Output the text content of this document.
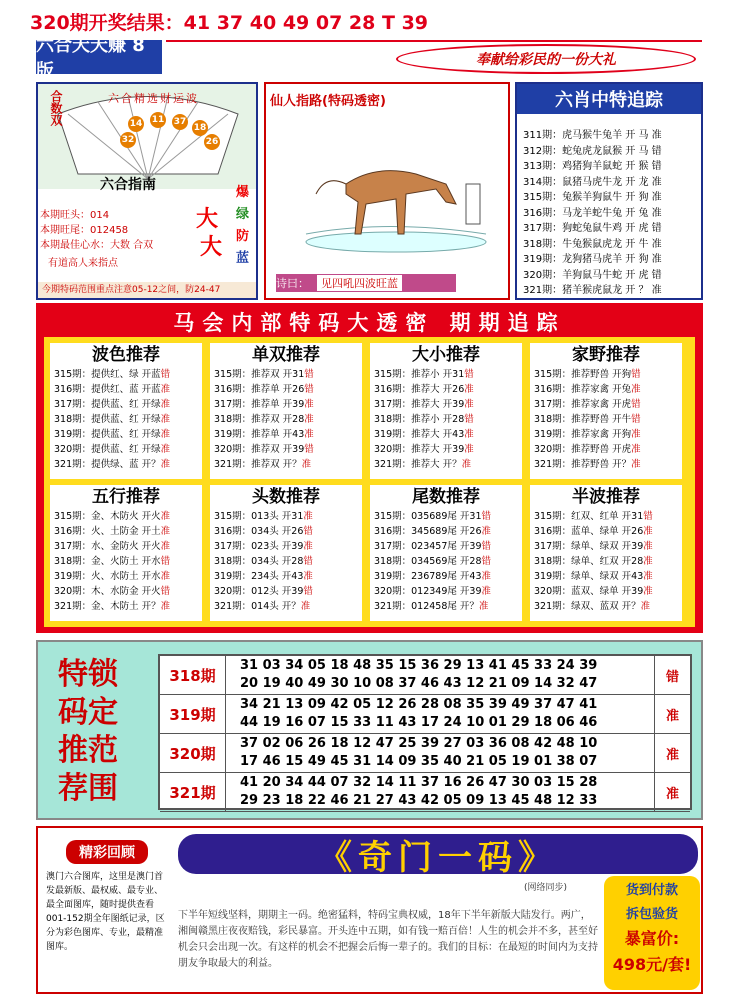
320期开奖结果：41 37 40 49 07 28 T 39
六合天天赚 8版
奉献给彩民的一份大礼
合数双	六合精选财运波
14 11 37
18
32	26
六合指南
本期旺头：014
本期旺尾：012458
本期最佳心水：大数 合双
有道高人来指点
大
大
爆
绿
防
蓝
今期特码范围重点注意05-12之间，防24-47
仙人指路(特码透密)
诗曰：	见四吼四波旺蓝
六肖中特追踪
311期：虎马猴牛兔羊 开 马 准
312期：蛇兔虎龙鼠猴 开 马 错
313期：鸡猪狗羊鼠蛇 开 猴 错
314期：鼠猪马虎牛龙 开 龙 准
315期：兔猴羊狗鼠牛 开 狗 准
316期：马龙羊蛇牛兔 开 兔 准
317期：狗蛇兔鼠牛鸡 开 虎 错
318期：牛兔猴鼠虎龙 开 牛 准
319期：龙狗猪马虎羊 开 狗 准
320期：羊狗鼠马牛蛇 开 虎 错
321期：猪羊猴虎鼠龙 开 ？ 准
马会内部特码大透密 期期追踪
波色推荐
315期：提供红、绿 开蓝错
316期：提供红、蓝 开蓝准
317期：提供蓝、红 开绿准
318期：提供蓝、红 开绿准
319期：提供蓝、红 开绿准
320期：提供蓝、红 开绿准
321期：提供绿、蓝 开？准
单双推荐
315期：推荐双 开31错
316期：推荐单 开26错
317期：推荐单 开39准
318期：推荐双 开28准
319期：推荐单 开43准
320期：推荐双 开39错
321期：推荐双 开？准
大小推荐
315期：推荐小 开31错
316期：推荐大 开26准
317期：推荐大 开39准
318期：推荐小 开28错
319期：推荐大 开43准
320期：推荐大 开39准
321期：推荐大 开？准
家野推荐
315期：推荐野兽 开狗错
316期：推荐家禽 开兔准
317期：推荐家禽 开虎错
318期：推荐野兽 开牛错
319期：推荐家禽 开狗准
320期：推荐野兽 开虎准
321期：推荐野兽 开？准
五行推荐
315期：金、木防火 开火准
316期：火、土防金 开土准
317期：水、金防火 开火准
318期：金、火防土 开水错
319期：火、水防土 开水准
320期：木、水防金 开火错
321期：金、木防土 开？准
头数推荐
315期：013头 开31准
316期：034头 开26错
317期：023头 开39准
318期：034头 开28错
319期：234头 开43准
320期：012头 开39错
321期：014头 开？准
尾数推荐
315期：035689尾 开31错
316期：345689尾 开26准
317期：023457尾 开39错
318期：034569尾 开28错
319期：236789尾 开43准
320期：012349尾 开39准
321期：012458尾 开？准
半波推荐
315期：红双、红单 开31错
316期：蓝单、绿单 开26准
317期：绿单、绿双 开39准
318期：绿单、红双 开28准
319期：绿单、绿双 开43准
320期：蓝双、绿单 开39准
321期：绿双、蓝双 开？准
特锁
码定
推范
荐围
318期
31 03 34 05 18 48 35 15 36 29 13 41 45 33 24 39
20 19 40 49 30 10 08 37 46 43 12 21 09 14 32 47	错
319期
34 21 13 09 42 05 12 26 28 08 35 39 49 37 47 41
44 19 16 07 15 33 11 43 17 24 10 01 29 18 06 46	准
320期
37 02 06 26 18 12 47 25 39 27 03 36 08 42 48 10
17 46 15 49 45 31 14 09 35 40 21 05 19 01 38 07	准
321期
41 20 34 44 07 32 14 11 37 16 26 47 30 03 15 28
29 23 18 22 46 21 27 43 42 05 09 13 45 48 12 33	准
精彩回顾
澳门六合图库，这里是澳门首发最新版、最权威、最专业、最全面图库，随时提供查看001-152期全年图纸记录，区分为彩色图库、专业，最精准图库。
《奇门一码》
(网络同步)
下半年短线坚料，期期主一码。绝密猛料，特码宝典权威，18年下半年新版大陆发行。两广，湘闽赣黑庄夜夜赔钱，彩民暴富。开头连中五期，如有钱一赔百倍！人生的机会并不多，甚至好机会只会出现一次。有这样的机会不把握会后悔一辈子的。我们的目标：在最短的时间内为支持朋友争取最大的利益。
货到付款
拆包验货
暴富价:
498元/套!
